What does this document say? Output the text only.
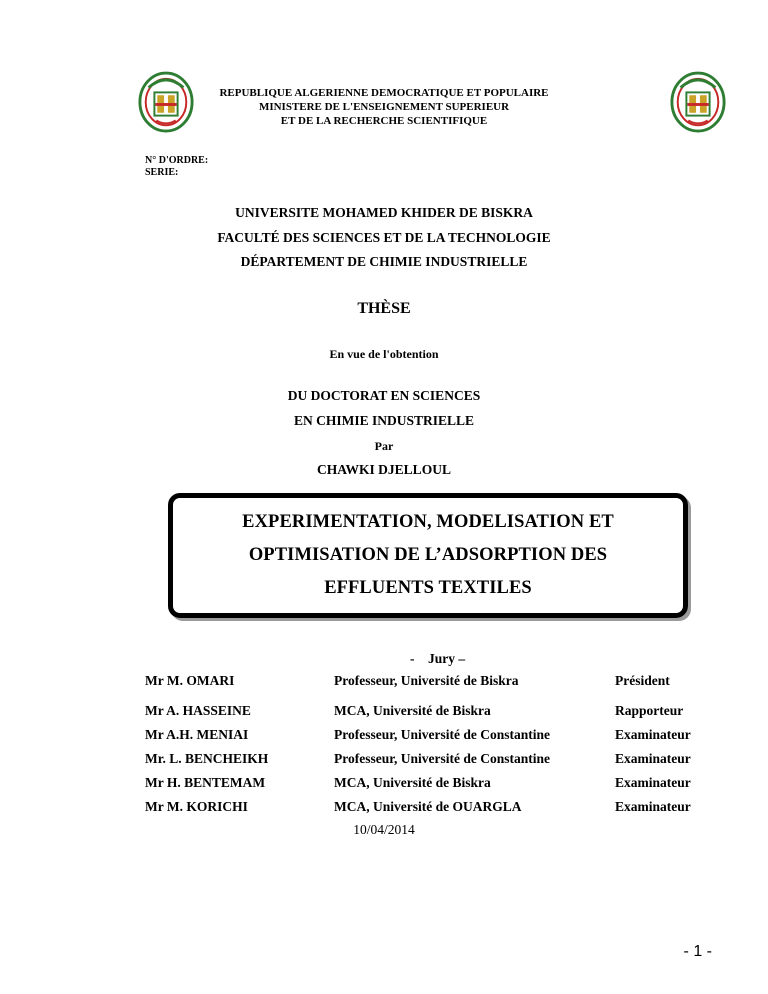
REPUBLIQUE ALGERIENNE DEMOCRATIQUE ET POPULAIRE
MINISTERE DE L'ENSEIGNEMENT SUPERIEUR
ET DE LA RECHERCHE SCIENTIFIQUE
N° D'ORDRE:
SERIE:
UNIVERSITE MOHAMED KHIDER DE BISKRA
FACULTÉ DES SCIENCES ET DE LA TECHNOLOGIE
DÉPARTEMENT DE CHIMIE INDUSTRIELLE
THÈSE
En vue de l'obtention
DU DOCTORAT EN SCIENCES
EN CHIMIE INDUSTRIELLE
Par
CHAWKI DJELLOUL
EXPERIMENTATION, MODELISATION ET
OPTIMISATION DE L’ADSORPTION DES
EFFLUENTS TEXTILES
- Jury –
Mr M. OMARI	Professeur, Université de Biskra	Président
Mr A. HASSEINE	MCA, Université de Biskra	Rapporteur
Mr A.H. MENIAI	Professeur, Université de Constantine	Examinateur
Mr. L. BENCHEIKH	Professeur, Université de Constantine	Examinateur
Mr H. BENTEMAM	MCA, Université de Biskra	Examinateur
Mr M. KORICHI	MCA, Université de OUARGLA	Examinateur
10/04/2014
- 1 -
